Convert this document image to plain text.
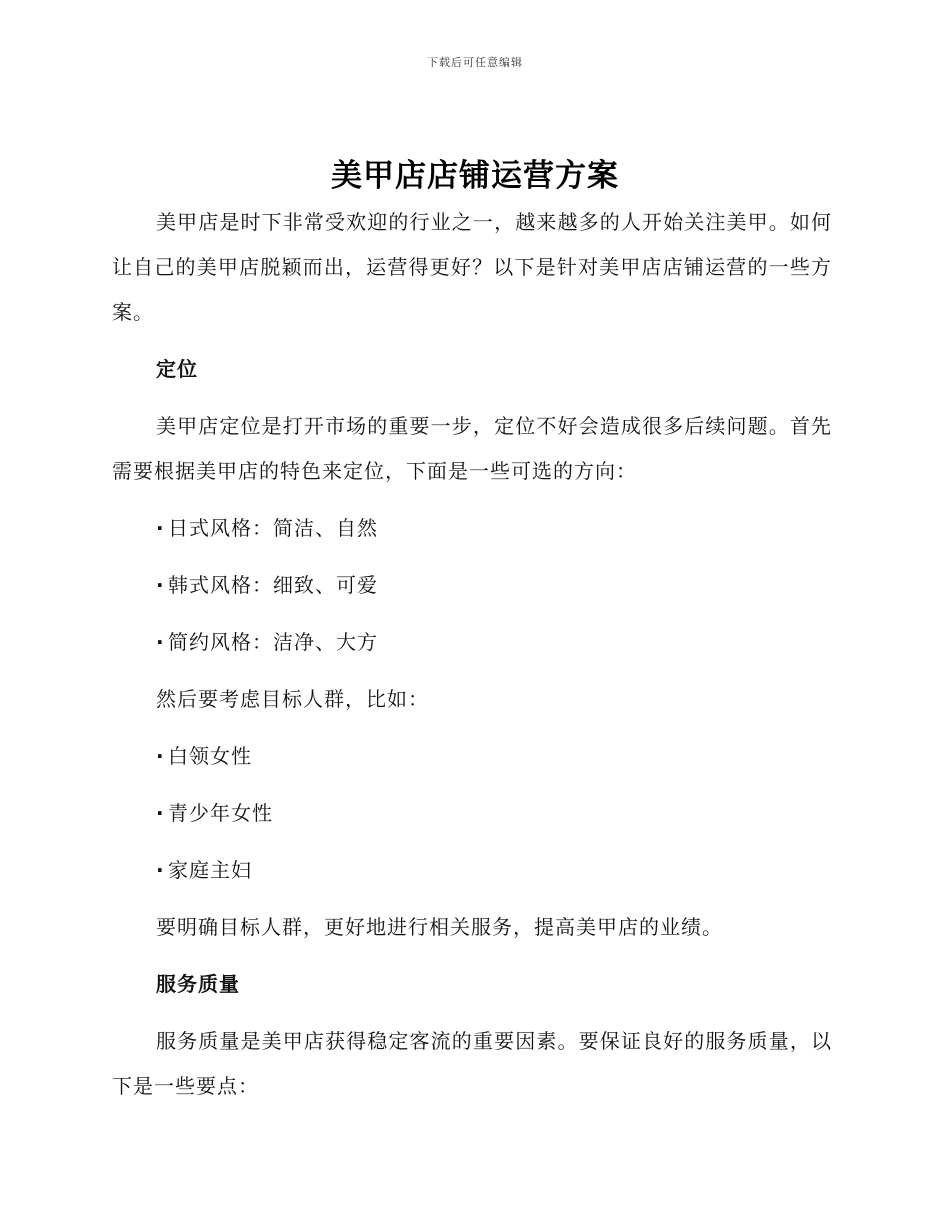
下载后可任意编辑
美甲店店铺运营方案

美甲店是时下非常受欢迎的行业之一，越来越多的人开始关注美甲。如何让自己的美甲店脱颖而出，运营得更好？以下是针对美甲店店铺运营的一些方案。

定位

美甲店定位是打开市场的重要一步，定位不好会造成很多后续问题。首先需要根据美甲店的特色来定位，下面是一些可选的方向：

· 日式风格：简洁、自然

· 韩式风格：细致、可爱

· 简约风格：洁净、大方

然后要考虑目标人群，比如：

· 白领女性

· 青少年女性

· 家庭主妇

要明确目标人群，更好地进行相关服务，提高美甲店的业绩。

服务质量

服务质量是美甲店获得稳定客流的重要因素。要保证良好的服务质量，以下是一些要点：
